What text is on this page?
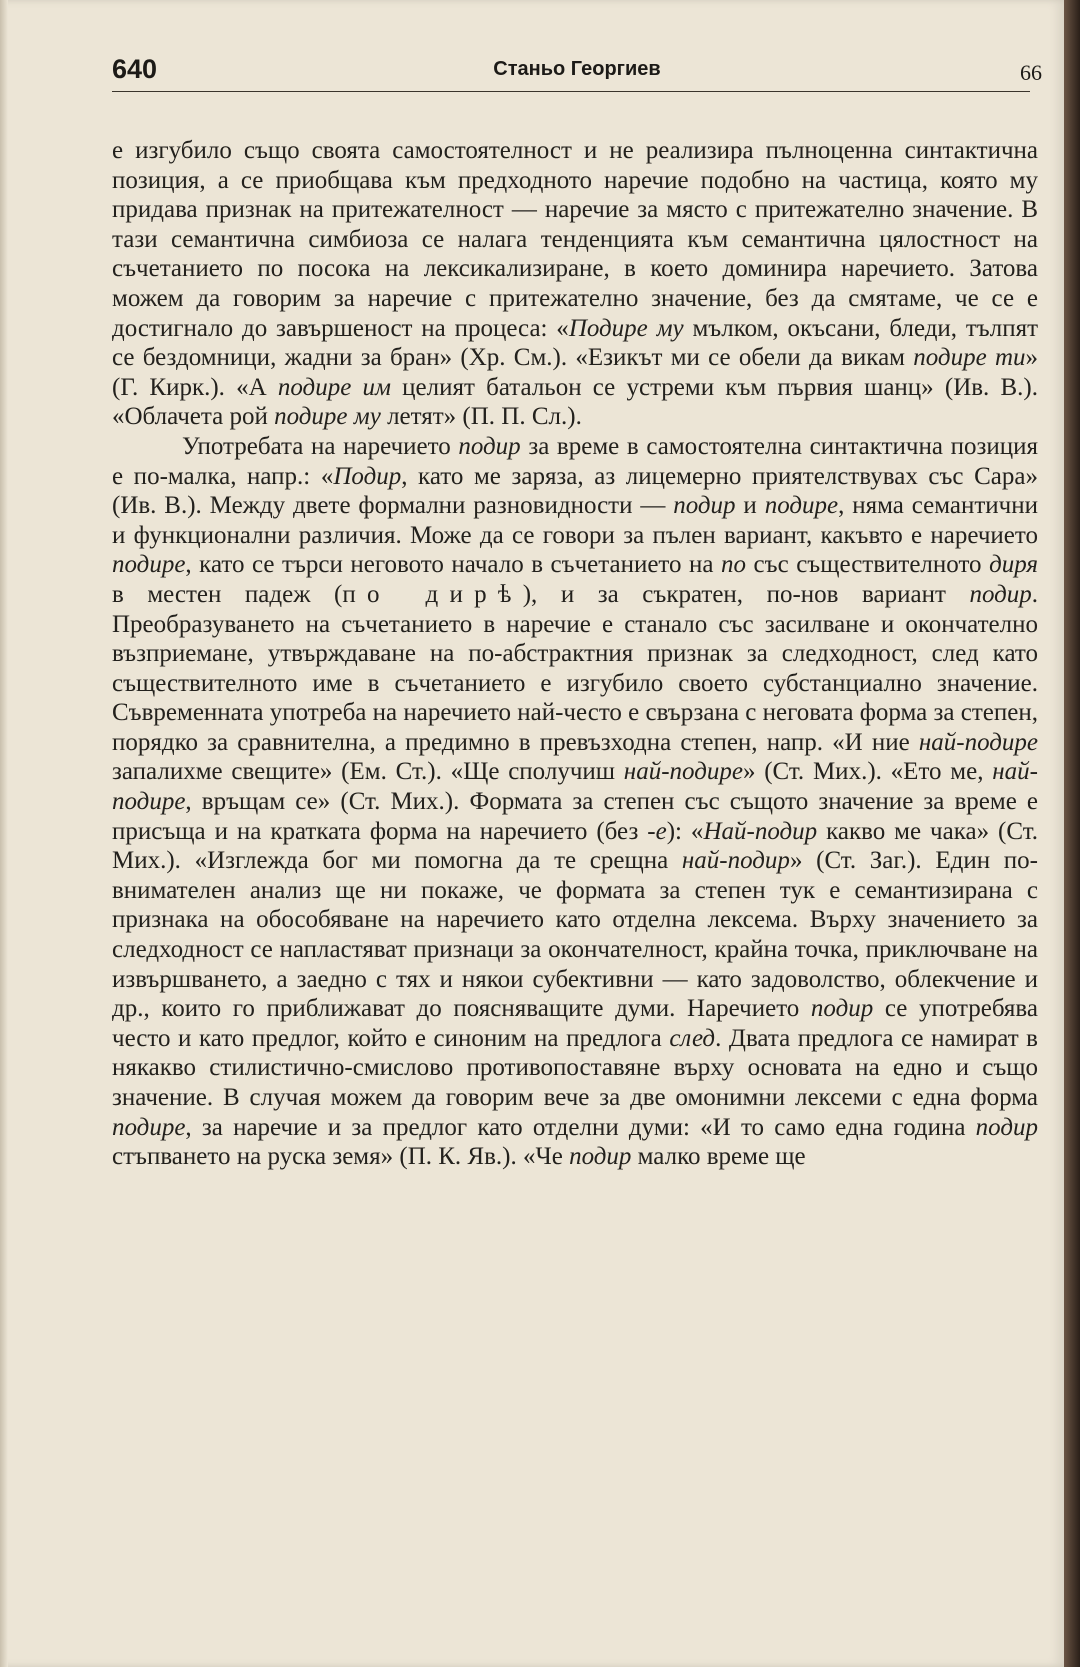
640	Станьо Георгиев	66

е изгубило също своята самостоятелност и не реализира пълноценна синтактична позиция, а се приобщава към предходното наречие подобно на частица, която му придава признак на притежателност — наречие за място с притежателно значение. В тази семантична симбиоза се налага тенденцията към семантична цялостност на съчетанието по посока на лексикализиране, в което доминира наречието. Затова можем да говорим за наречие с притежателно значение, без да смятаме, че се е достигнало до завършеност на процеса: «Подире му мълком, окъсани, бледи, тълпят се бездомници, жадни за бран» (Хр. См.). «Езикът ми се обели да викам подире ти» (Г. Кирк.). «А подире им целият батальон се устреми към първия шанц» (Ив. В.). «Облачета рой подире му летят» (П. П. Сл.).

Употребата на наречието подир за време в самостоятелна синтактична позиция е по-малка, напр.: «Подир, като ме заряза, аз лицемерно приятелствувах със Сара» (Ив. В.). Между двете формални разновидности — подир и подире, няма семантични и функционални различия. Може да се говори за пълен вариант, какъвто е наречието подире, като се търси неговото начало в съчетанието на по със съществителното диря в местен падеж (по дирѣ), и за съкратен, по-нов вариант подир. Преобразуването на съчетанието в наречие е станало със засилване и окончателно възприемане, утвърждаване на по-абстрактния признак за следходност, след като съществителното име в съчетанието е изгубило своето субстанциално значение. Съвременната употреба на наречието най-често е свързана с неговата форма за степен, порядко за сравнителна, а предимно в превъзходна степен, напр. «И ние най-подире запалихме свещите» (Ем. Ст.). «Ще сполучиш най-подире» (Ст. Мих.). «Ето ме, най-подире, връщам се» (Ст. Мих.). Формата за степен със същото значение за време е присъща и на кратката форма на наречието (без -е): «Най-подир какво ме чака» (Ст. Мих.). «Изглежда бог ми помогна да те срещна най-подир» (Ст. Заг.). Един по-внимателен анализ ще ни покаже, че формата за степен тук е семантизирана с признака на обособяване на наречието като отделна лексема. Върху значението за следходност се напластяват признаци за окончателност, крайна точка, приключване на извършването, а заедно с тях и някои субективни — като задоволство, облекчение и др., които го приближават до поясняващите думи. Наречието подир се употребява често и като предлог, който е синоним на предлога след. Двата предлога се намират в някакво стилистично-смислово противопоставяне върху основата на едно и също значение. В случая можем да говорим вече за две омонимни лексеми с една форма подире, за наречие и за предлог като отделни думи: «И то само една година подир стъпването на руска земя» (П. К. Яв.). «Че подир малко време ще
